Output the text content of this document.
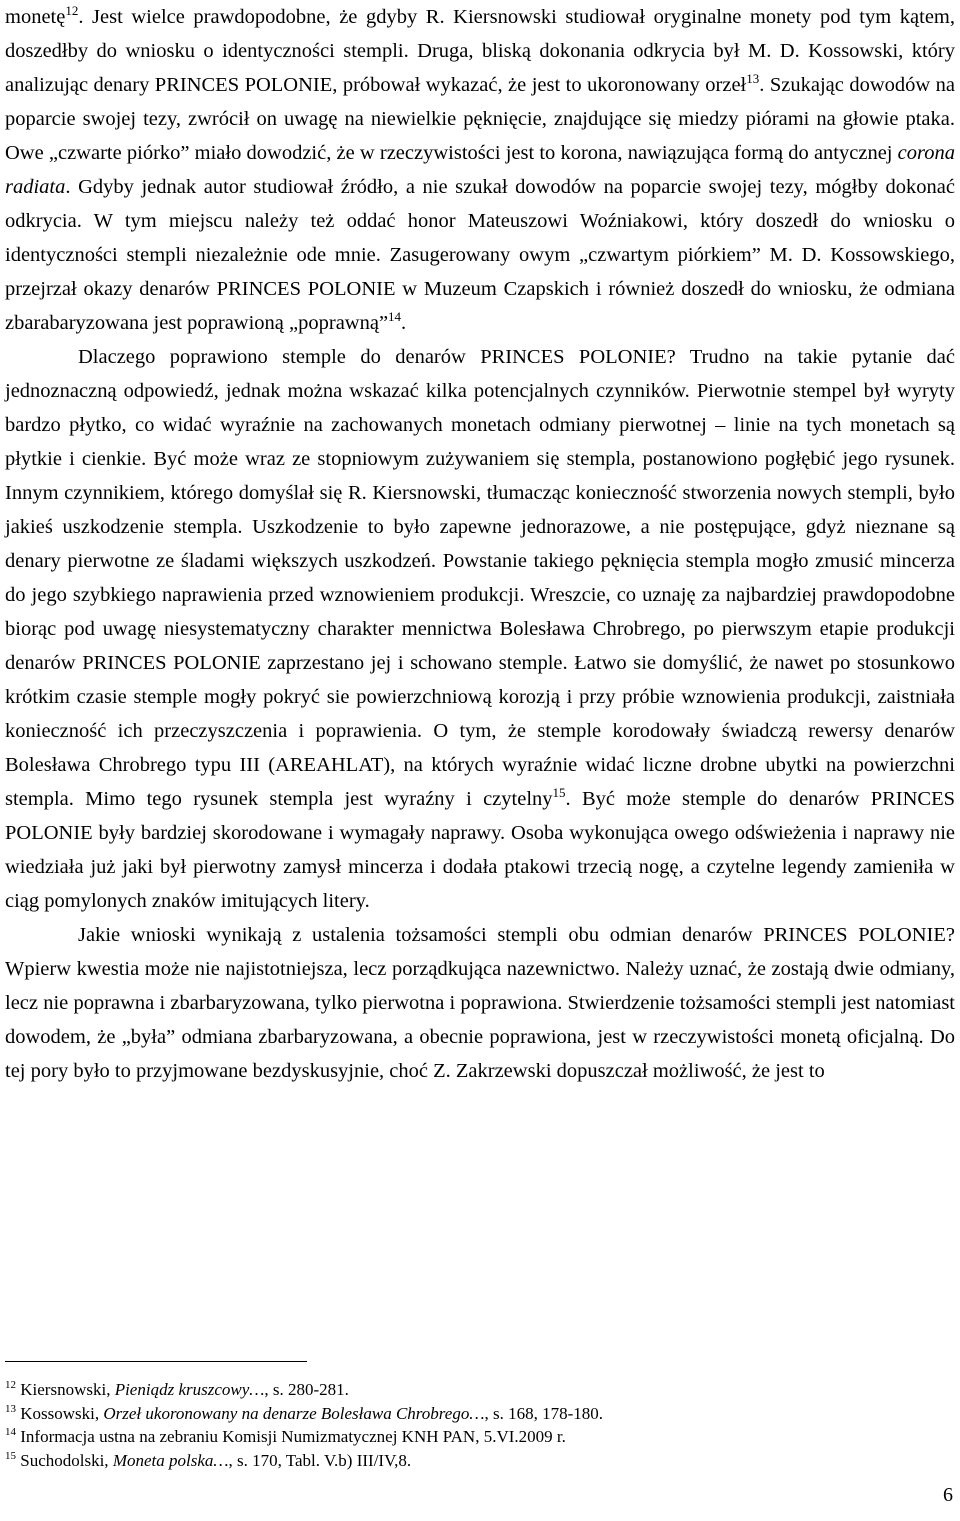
monetę$^{12}$. Jest wielce prawdopodobne, że gdyby R. Kiersnowski studiował oryginalne monety pod tym kątem, doszedłby do wniosku o identyczności stempli. Druga, bliską dokonania odkrycia był M. D. Kossowski, który analizując denary PRINCES POLONIE, próbował wykazać, że jest to ukoronowany orzeł$^{13}$. Szukając dowodów na poparcie swojej tezy, zwrócił on uwagę na niewielkie pęknięcie, znajdujące się miedzy piórami na głowie ptaka. Owe „czwarte piórko” miało dowodzić, że w rzeczywistości jest to korona, nawiązująca formą do antycznej corona radiata. Gdyby jednak autor studiował źródło, a nie szukał dowodów na poparcie swojej tezy, mógłby dokonać odkrycia. W tym miejscu należy też oddać honor Mateuszowi Woźniakowi, który doszedł do wniosku o identyczności stempli niezależnie ode mnie. Zasugerowany owym „czwartym piórkiem” M. D. Kossowskiego, przejrzał okazy denarów PRINCES POLONIE w Muzeum Czapskich i również doszedł do wniosku, że odmiana zbarabaryzowana jest poprawioną „poprawną”$^{14}$.

Dlaczego poprawiono stemple do denarów PRINCES POLONIE? Trudno na takie pytanie dać jednoznaczną odpowiedź, jednak można wskazać kilka potencjalnych czynników. Pierwotnie stempel był wyryty bardzo płytko, co widać wyraźnie na zachowanych monetach odmiany pierwotnej – linie na tych monetach są płytkie i cienkie. Być może wraz ze stopniowym zużywaniem się stempla, postanowiono pogłębić jego rysunek. Innym czynnikiem, którego domyślał się R. Kiersnowski, tłumacząc konieczność stworzenia nowych stempli, było jakieś uszkodzenie stempla. Uszkodzenie to było zapewne jednorazowe, a nie postępujące, gdyż nieznane są denary pierwotne ze śladami większych uszkodzeń. Powstanie takiego pęknięcia stempla mogło zmusić mincerza do jego szybkiego naprawienia przed wznowieniem produkcji. Wreszcie, co uznaję za najbardziej prawdopodobne biorąc pod uwagę niesystematyczny charakter mennictwa Bolesława Chrobrego, po pierwszym etapie produkcji denarów PRINCES POLONIE zaprzestano jej i schowano stemple. Łatwo sie domyślić, że nawet po stosunkowo krótkim czasie stemple mogły pokryć sie powierzchniową korozją i przy próbie wznowienia produkcji, zaistniała konieczność ich przeczyszczenia i poprawienia. O tym, że stemple korodowały świadczą rewersy denarów Bolesława Chrobrego typu III (AREAHLAT), na których wyraźnie widać liczne drobne ubytki na powierzchni stempla. Mimo tego rysunek stempla jest wyraźny i czytelny$^{15}$. Być może stemple do denarów PRINCES POLONIE były bardziej skorodowane i wymagały naprawy. Osoba wykonująca owego odświeżenia i naprawy nie wiedziała już jaki był pierwotny zamysł mincerza i dodała ptakowi trzecią nogę, a czytelne legendy zamieniła w ciąg pomylonych znaków imitujących litery.

Jakie wnioski wynikają z ustalenia tożsamości stempli obu odmian denarów PRINCES POLONIE? Wpierw kwestia może nie najistotniejsza, lecz porządkująca nazewnictwo. Należy uznać, że zostają dwie odmiany, lecz nie poprawna i zbarbaryzowana, tylko pierwotna i poprawiona. Stwierdzenie tożsamości stempli jest natomiast dowodem, że „była” odmiana zbarbaryzowana, a obecnie poprawiona, jest w rzeczywistości monetą oficjalną. Do tej pory było to przyjmowane bezdyskusyjnie, choć Z. Zakrzewski dopuszczał możliwość, że jest to

$^{12}$ Kiersnowski, Pieniądz kruszcowy…, s. 280-281.
$^{13}$ Kossowski, Orzeł ukoronowany na denarze Bolesława Chrobrego…, s. 168, 178-180.
$^{14}$ Informacja ustna na zebraniu Komisji Numizmatycznej KNH PAN, 5.VI.2009 r.
$^{15}$ Suchodolski, Moneta polska…, s. 170, Tabl. V.b) III/IV,8.
6
